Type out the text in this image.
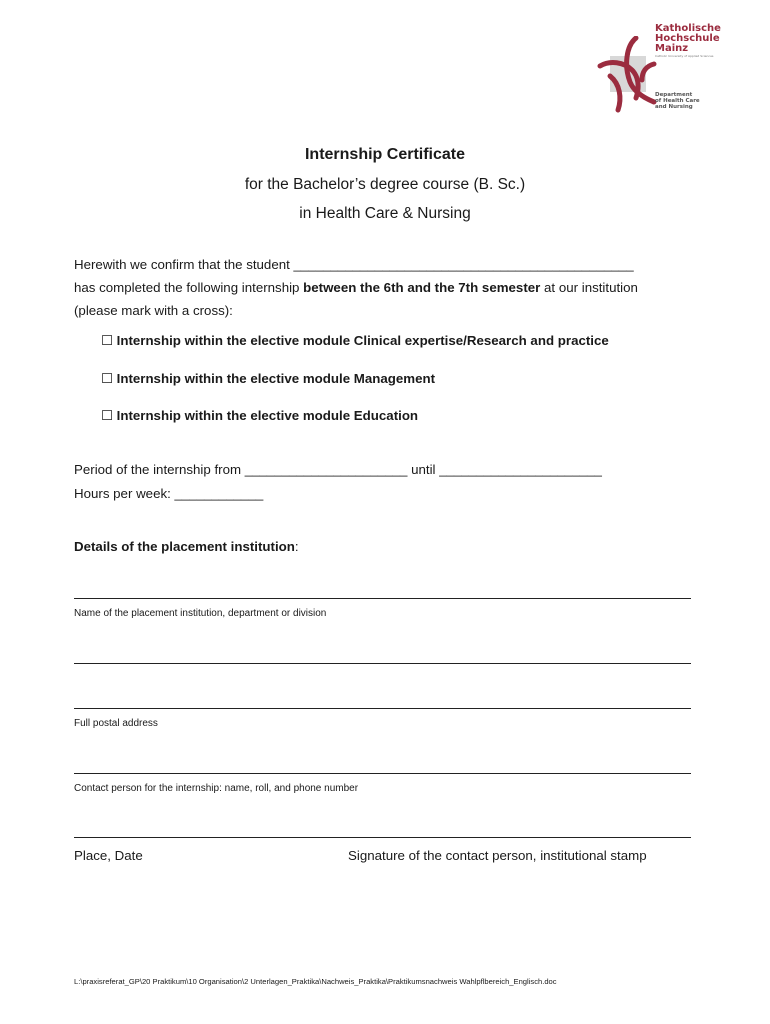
Katholische
Hochschule
Mainz
Catholic University of Applied Sciences
Department
of Health Care
and Nursing
Internship Certificate
for the Bachelor’s degree course (B. Sc.)
in Health Care & Nursing
Herewith we confirm that the student ______________________________________________
has completed the following internship between the 6th and the 7th semester at our institution
(please mark with a cross):
☐ Internship within the elective module Clinical expertise/Research and practice
☐ Internship within the elective module Management
☐ Internship within the elective module Education
Period of the internship from ______________________ until ______________________
Hours per week: ____________
Details of the placement institution:
Name of the placement institution, department or division
Full postal address
Contact person for the internship: name, roll, and phone number
Place, Date	Signature of the contact person, institutional stamp
L:\praxisreferat_GP\20 Praktikum\10 Organisation\2 Unterlagen_Praktika\Nachweis_Praktika\Praktikumsnachweis Wahlpflbereich_Englisch.doc
